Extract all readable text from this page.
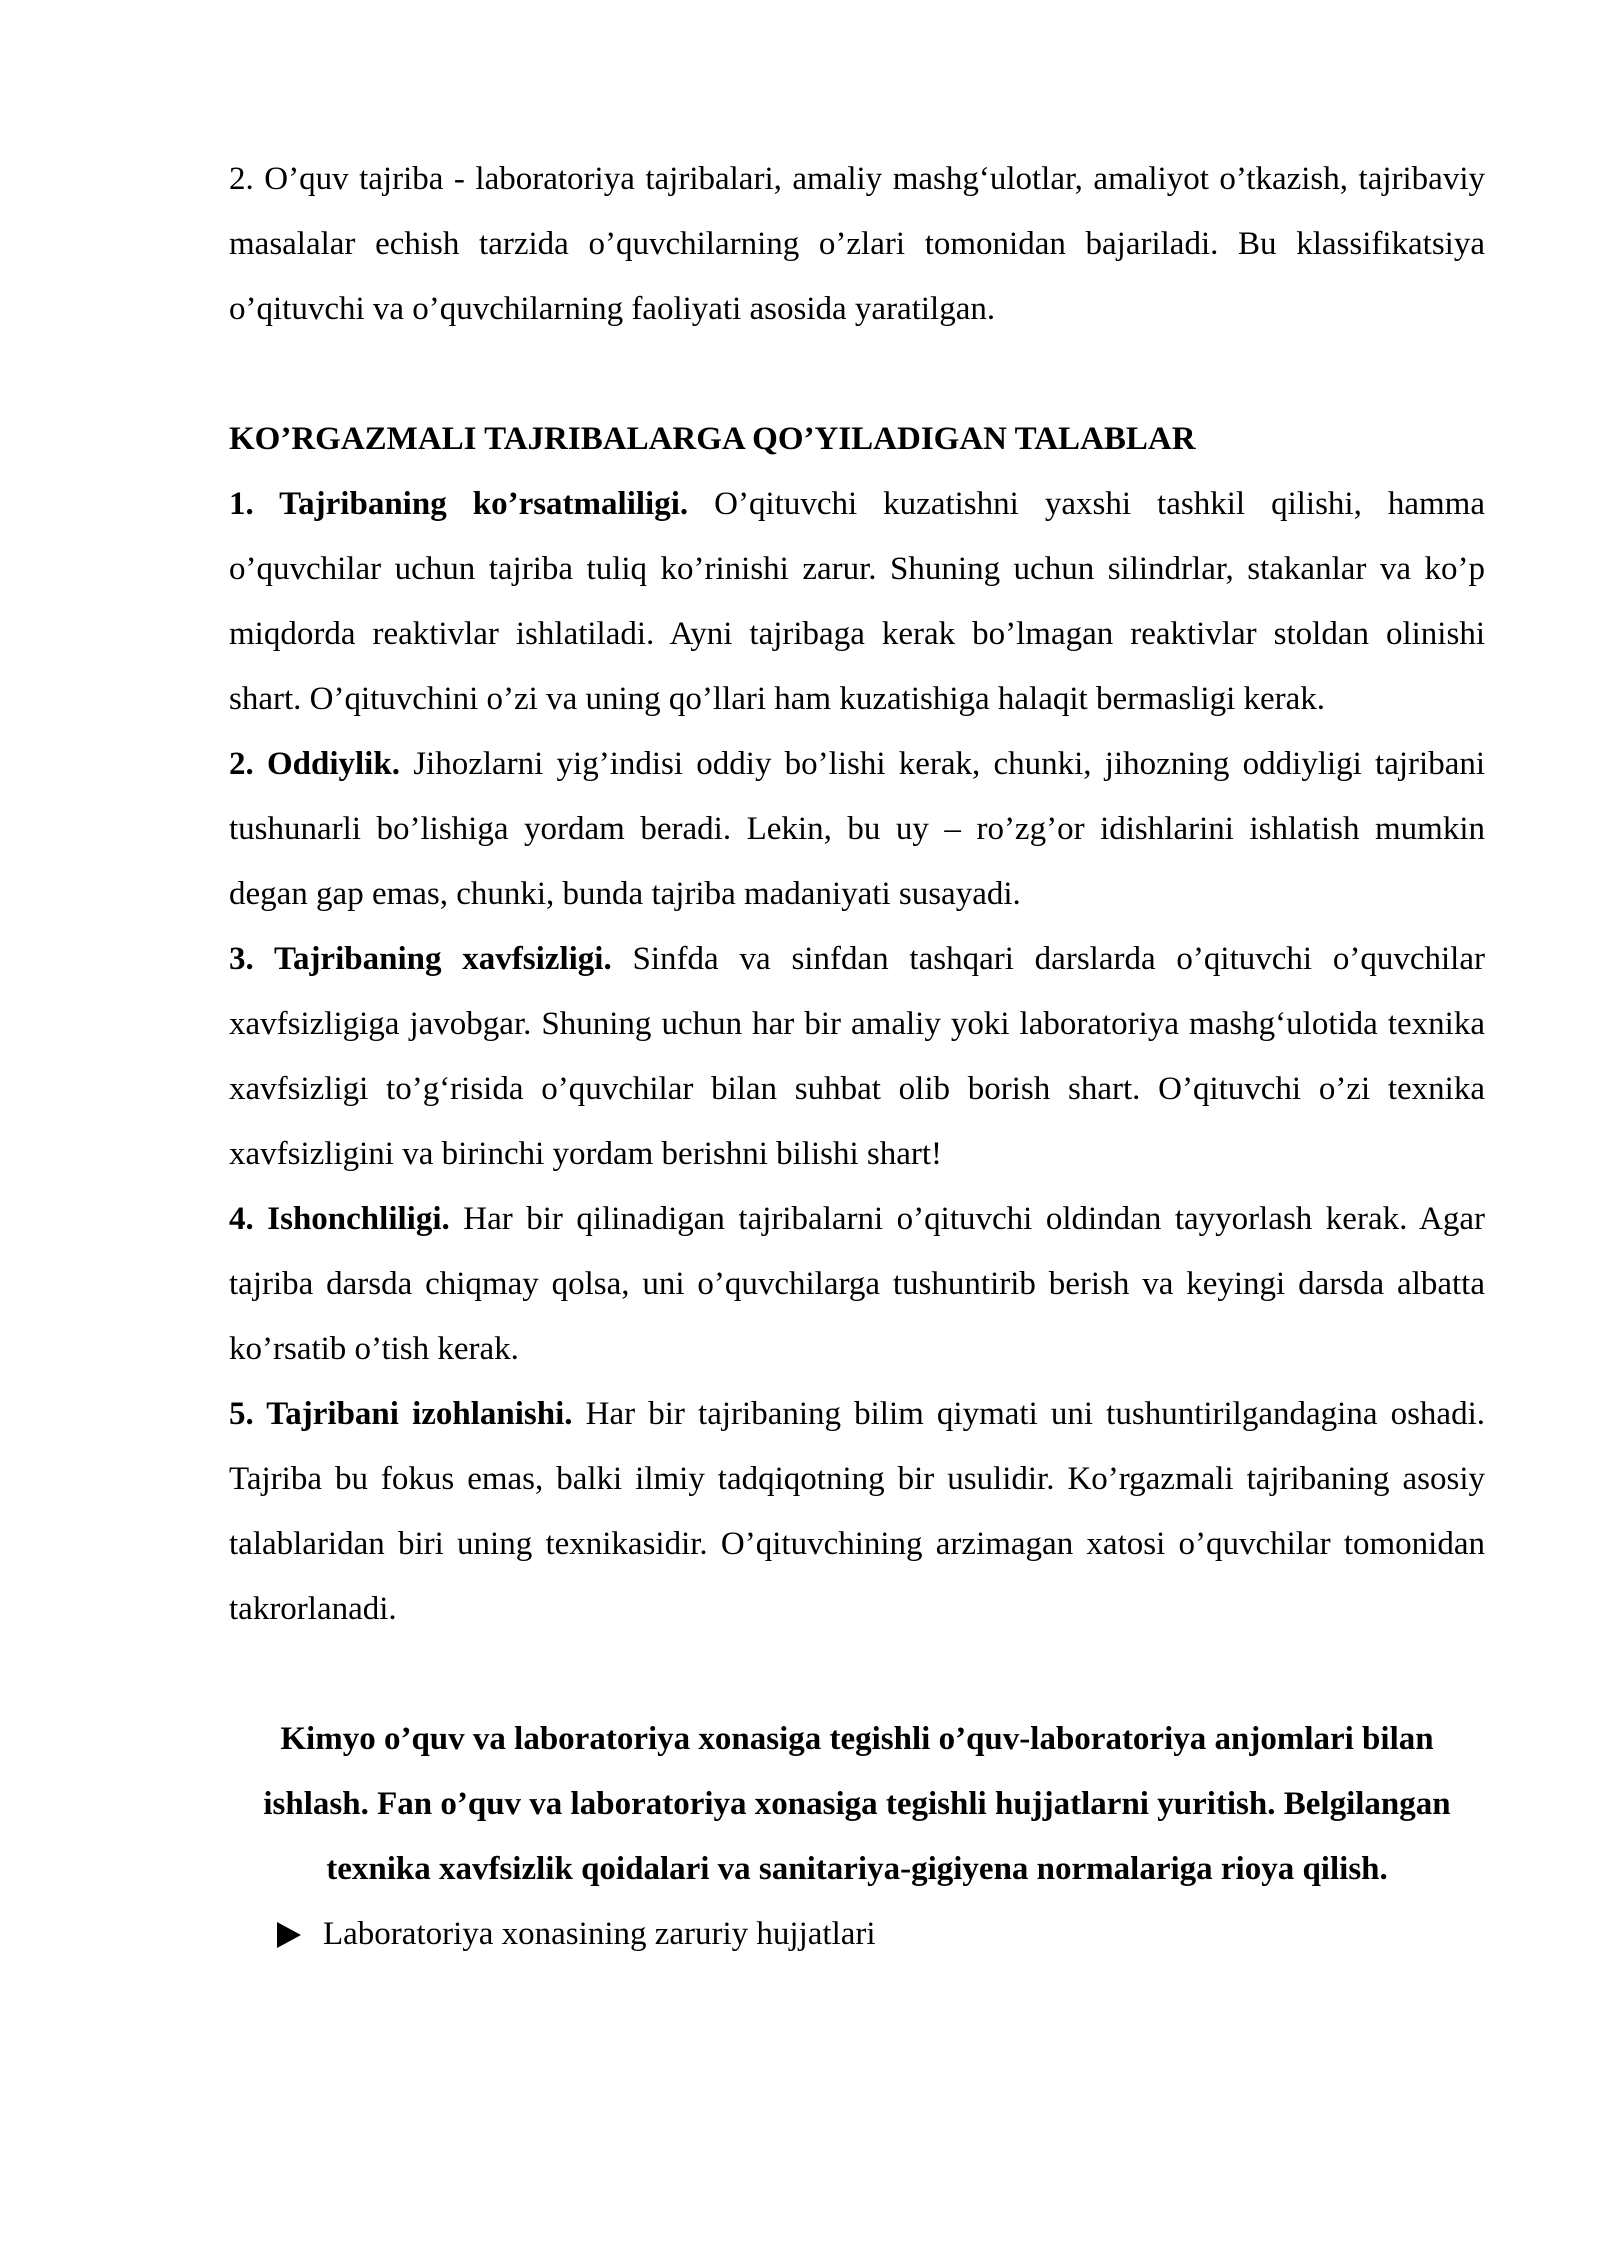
2. O’quv tajriba - laboratoriya tajribalari, amaliy mashg‘ulotlar, amaliyot o’tkazish, tajribaviy masalalar echish tarzida o’quvchilarning o’zlari tomonidan bajariladi. Bu klassifikatsiya o’qituvchi va o’quvchilarning faoliyati asosida yaratilgan.

KO’RGAZMALI TAJRIBALARGA QO’YILADIGAN TALABLAR

1. Tajribaning ko’rsatmaliligi. O’qituvchi kuzatishni yaxshi tashkil qilishi, hamma o’quvchilar uchun tajriba tuliq ko’rinishi zarur. Shuning uchun silindrlar, stakanlar va ko’p miqdorda reaktivlar ishlatiladi. Ayni tajribaga kerak bo’lmagan reaktivlar stoldan olinishi shart. O’qituvchini o’zi va uning qo’llari ham kuzatishiga halaqit bermasligi kerak.

2. Oddiylik. Jihozlarni yig’indisi oddiy bo’lishi kerak, chunki, jihozning oddiyligi tajribani tushunarli bo’lishiga yordam beradi. Lekin, bu uy – ro’zg’or idishlarini ishlatish mumkin degan gap emas, chunki, bunda tajriba madaniyati susayadi.

3. Tajribaning xavfsizligi. Sinfda va sinfdan tashqari darslarda o’qituvchi o’quvchilar xavfsizligiga javobgar. Shuning uchun har bir amaliy yoki laboratoriya mashg‘ulotida texnika xavfsizligi to’g‘risida o’quvchilar bilan suhbat olib borish shart. O’qituvchi o’zi texnika xavfsizligini va birinchi yordam berishni bilishi shart!

4. Ishonchliligi. Har bir qilinadigan tajribalarni o’qituvchi oldindan tayyorlash kerak. Agar tajriba darsda chiqmay qolsa, uni o’quvchilarga tushuntirib berish va keyingi darsda albatta ko’rsatib o’tish kerak.

5. Tajribani izohlanishi. Har bir tajribaning bilim qiymati uni tushuntirilgandagina oshadi. Tajriba bu fokus emas, balki ilmiy tadqiqotning bir usulidir. Ko’rgazmali tajribaning asosiy talablaridan biri uning texnikasidir. O’qituvchining arzimagan xatosi o’quvchilar tomonidan takrorlanadi.

Kimyo o’quv va laboratoriya xonasiga tegishli o’quv-laboratoriya anjomlari bilan ishlash. Fan o’quv va laboratoriya xonasiga tegishli hujjatlarni yuritish. Belgilangan texnika xavfsizlik qoidalari va sanitariya-gigiyena normalariga rioya qilish.

Laboratoriya xonasining zaruriy hujjatlari
